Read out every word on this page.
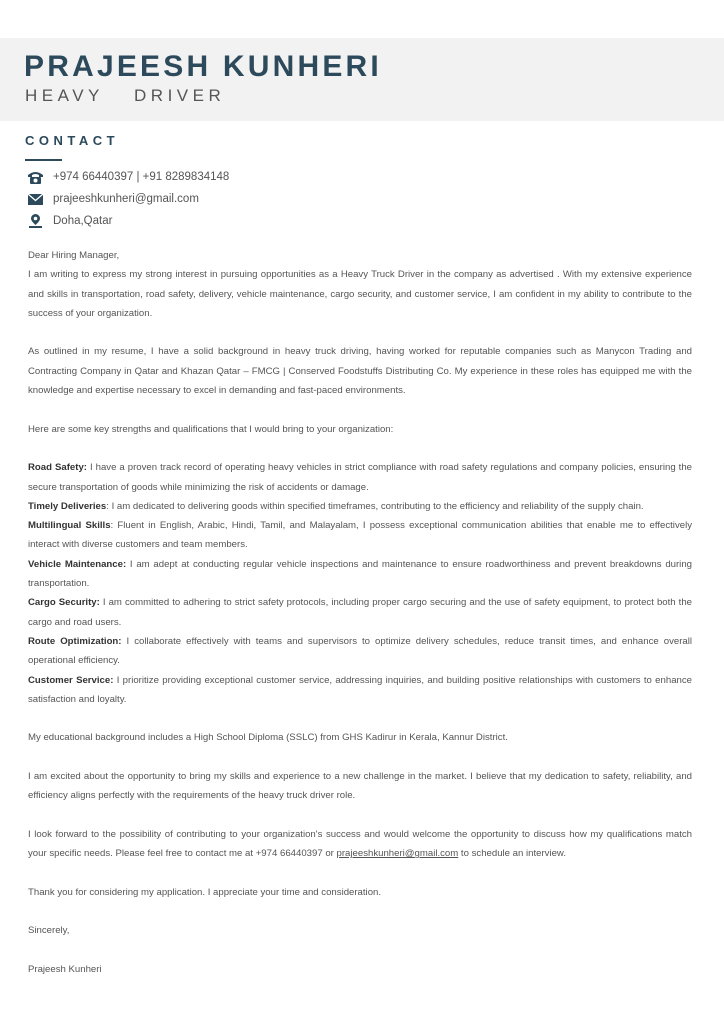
PRAJEESH KUNHERI
HEAVY  DRIVER
CONTACT
+974 66440397 | +91 8289834148
prajeeshkunheri@gmail.com
Doha,Qatar

Dear Hiring Manager,

I am writing to express my strong interest in pursuing opportunities as a Heavy Truck Driver in the company as advertised . With my extensive experience and skills in transportation, road safety, delivery, vehicle maintenance, cargo security, and customer service, I am confident in my ability to contribute to the success of your organization.

As outlined in my resume, I have a solid background in heavy truck driving, having worked for reputable companies such as Manycon Trading and Contracting Company in Qatar and Khazan Qatar – FMCG | Conserved Foodstuffs Distributing Co. My experience in these roles has equipped me with the knowledge and expertise necessary to excel in demanding and fast-paced environments.

Here are some key strengths and qualifications that I would bring to your organization:

Road Safety: I have a proven track record of operating heavy vehicles in strict compliance with road safety regulations and company policies, ensuring the secure transportation of goods while minimizing the risk of accidents or damage.

Timely Deliveries: I am dedicated to delivering goods within specified timeframes, contributing to the efficiency and reliability of the supply chain.

Multilingual Skills: Fluent in English, Arabic, Hindi, Tamil, and Malayalam, I possess exceptional communication abilities that enable me to effectively interact with diverse customers and team members.

Vehicle Maintenance: I am adept at conducting regular vehicle inspections and maintenance to ensure roadworthiness and prevent breakdowns during transportation.

Cargo Security: I am committed to adhering to strict safety protocols, including proper cargo securing and the use of safety equipment, to protect both the cargo and road users.

Route Optimization: I collaborate effectively with teams and supervisors to optimize delivery schedules, reduce transit times, and enhance overall operational efficiency.

Customer Service: I prioritize providing exceptional customer service, addressing inquiries, and building positive relationships with customers to enhance satisfaction and loyalty.

My educational background includes a High School Diploma (SSLC) from GHS Kadirur in Kerala, Kannur District.

I am excited about the opportunity to bring my skills and experience to a new challenge in the market. I believe that my dedication to safety, reliability, and efficiency aligns perfectly with the requirements of the heavy truck driver role.

I look forward to the possibility of contributing to your organization's success and would welcome the opportunity to discuss how my qualifications match your specific needs. Please feel free to contact me at +974 66440397 or prajeeshkunheri@gmail.com to schedule an interview.

Thank you for considering my application. I appreciate your time and consideration.

Sincerely,

Prajeesh Kunheri
